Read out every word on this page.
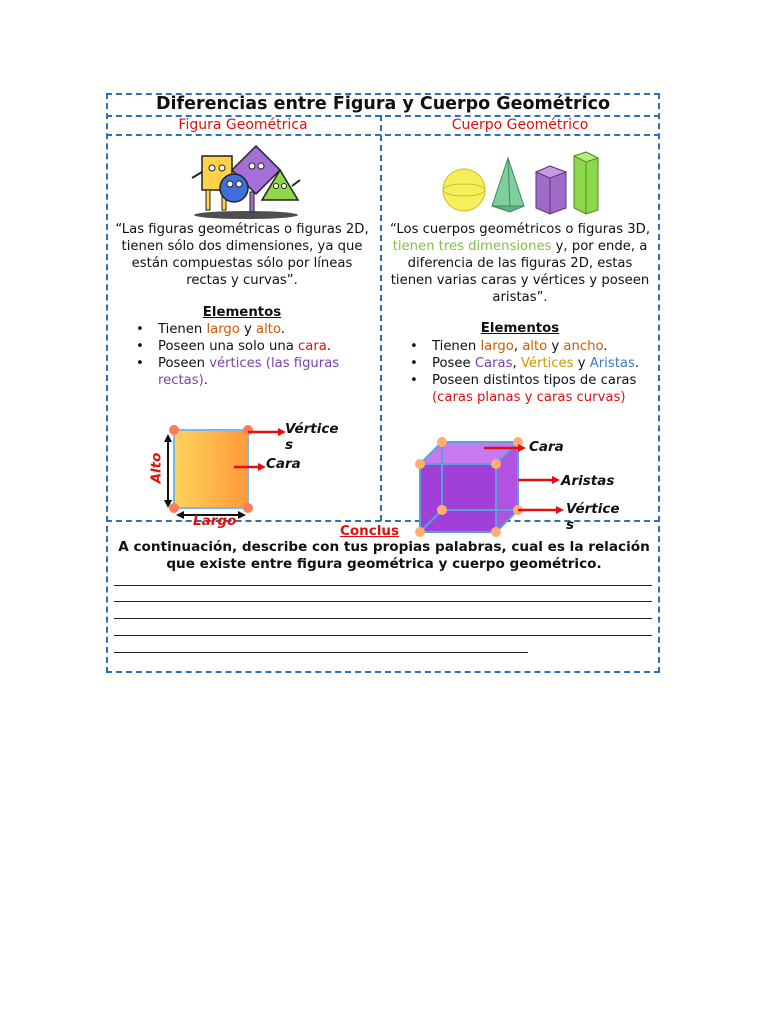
Diferencias entre Figura y Cuerpo Geométrico
Figura Geométrica	Cuerpo Geométrico
“Las figuras geométricas o figuras 2D, tienen sólo dos dimensiones, ya que están compuestas sólo por líneas rectas y curvas”.
“Los cuerpos geométricos o figuras 3D, tienen tres dimensiones y, por ende, a diferencia de las figuras 2D, estas tienen varias caras y vértices y poseen aristas”.
Elementos
• Tienen largo y alto.
• Poseen una solo una cara.
• Poseen vértices (las figuras rectas).
Elementos
• Tienen largo, alto y ancho.
• Posee Caras, Vértices y Aristas.
• Poseen distintos tipos de caras (caras planas y caras curvas)
Vértice
s
Cara
Alto
Largo
Cara
Aristas
Vértice
s
Conclus
A continuación, describe con tus propias palabras, cual es la relación que existe entre figura geométrica y cuerpo geométrico.
